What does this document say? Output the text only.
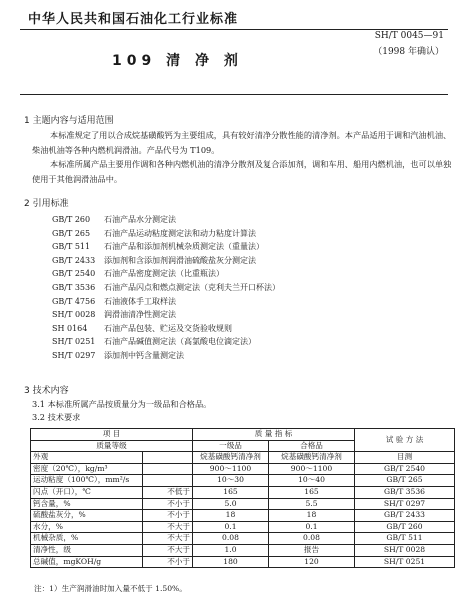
中华人民共和国石油化工行业标准
SH/T 0045—91
（1998 年确认）
109 清 净 剂
1 主题内容与适用范围

本标准规定了用以合成烷基磺酸钙为主要组成，具有较好清净分散性能的清净剂。本产品适用于调和汽油机油、柴油机油等各种内燃机润滑油。产品代号为 T109。

本标准所属产品主要用作调和各种内燃机油的清净分散剂及复合添加剂，调和车用、船用内燃机油，也可以单独使用于其他润滑油品中。

2 引用标准
GB/T 260	石油产品水分测定法
GB/T 265	石油产品运动粘度测定法和动力粘度计算法
GB/T 511	石油产品和添加剂机械杂质测定法（重量法）
GB/T 2433	添加剂和含添加剂润滑油硫酸盐灰分测定法
GB/T 2540	石油产品密度测定法（比重瓶法）
GB/T 3536	石油产品闪点和燃点测定法（克利夫兰开口杯法）
GB/T 4756	石油液体手工取样法
SH/T 0028	润滑油清净性测定法
SH 0164	石油产品包装、贮运及交货验收规则
SH/T 0251	石油产品碱值测定法（高氯酸电位滴定法）
SH/T 0297	添加剂中钙含量测定法
3 技术内容
3.1 本标准所属产品按质量分为一级品和合格品。
3.2 技术要求
项 目		质 量 指 标		试 验 方 法
质量等级		一级品	合格品	
外观		烷基磺酸钙清净剂	烷基磺酸钙清净剂	目测
密度（20℃），kg/m³		900～1100	900～1100	GB/T 2540
运动粘度（100℃），mm²/s		10～30	10～40	GB/T 265
闪点（开口），℃	不低于	165	165	GB/T 3536
钙含量，%	不小于	5.0	5.5	SH/T 0297
硫酸盐灰分，%	不小于	18	18	GB/T 2433
水分，%	不大于	0.1	0.1	GB/T 260
机械杂质，%	不大于	0.08	0.08	GB/T 511
清净性，级	不大于	1.0	报告	SH/T 0028
总碱值，mgKOH/g	不小于	180	120	SH/T 0251
注：1）生产润滑油时加入量不低于 1.50%。
